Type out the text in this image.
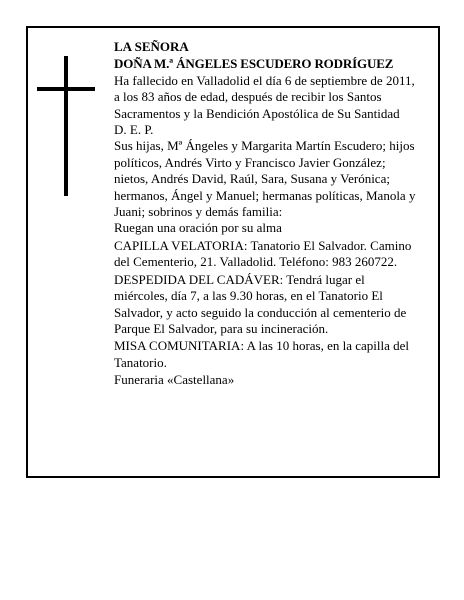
LA SEÑORA

DOÑA M.ª ÁNGELES ESCUDERO RODRÍGUEZ

Ha fallecido en Valladolid el día 6 de septiembre de 2011, a los 83 años de edad, después de recibir los Santos Sacramentos y la Bendición Apostólica de Su Santidad

D. E. P.

Sus hijas, Mª Ángeles y Margarita Martín Escudero; hijos políticos, Andrés Virto y Francisco Javier González; nietos, Andrés David, Raúl, Sara, Susana y Verónica; hermanos, Ángel y Manuel; hermanas políticas, Manola y Juani; sobrinos y demás familia:

Ruegan una oración por su alma

CAPILLA VELATORIA: Tanatorio El Salvador. Camino del Cementerio, 21. Valladolid. Teléfono: 983 260722.

DESPEDIDA DEL CADÁVER: Tendrá lugar el miércoles, día 7, a las 9.30 horas, en el Tanatorio El Salvador, y acto seguido la conducción al cementerio de Parque El Salvador, para su incineración.

MISA COMUNITARIA: A las 10 horas, en la capilla del Tanatorio.

Funeraria «Castellana»
